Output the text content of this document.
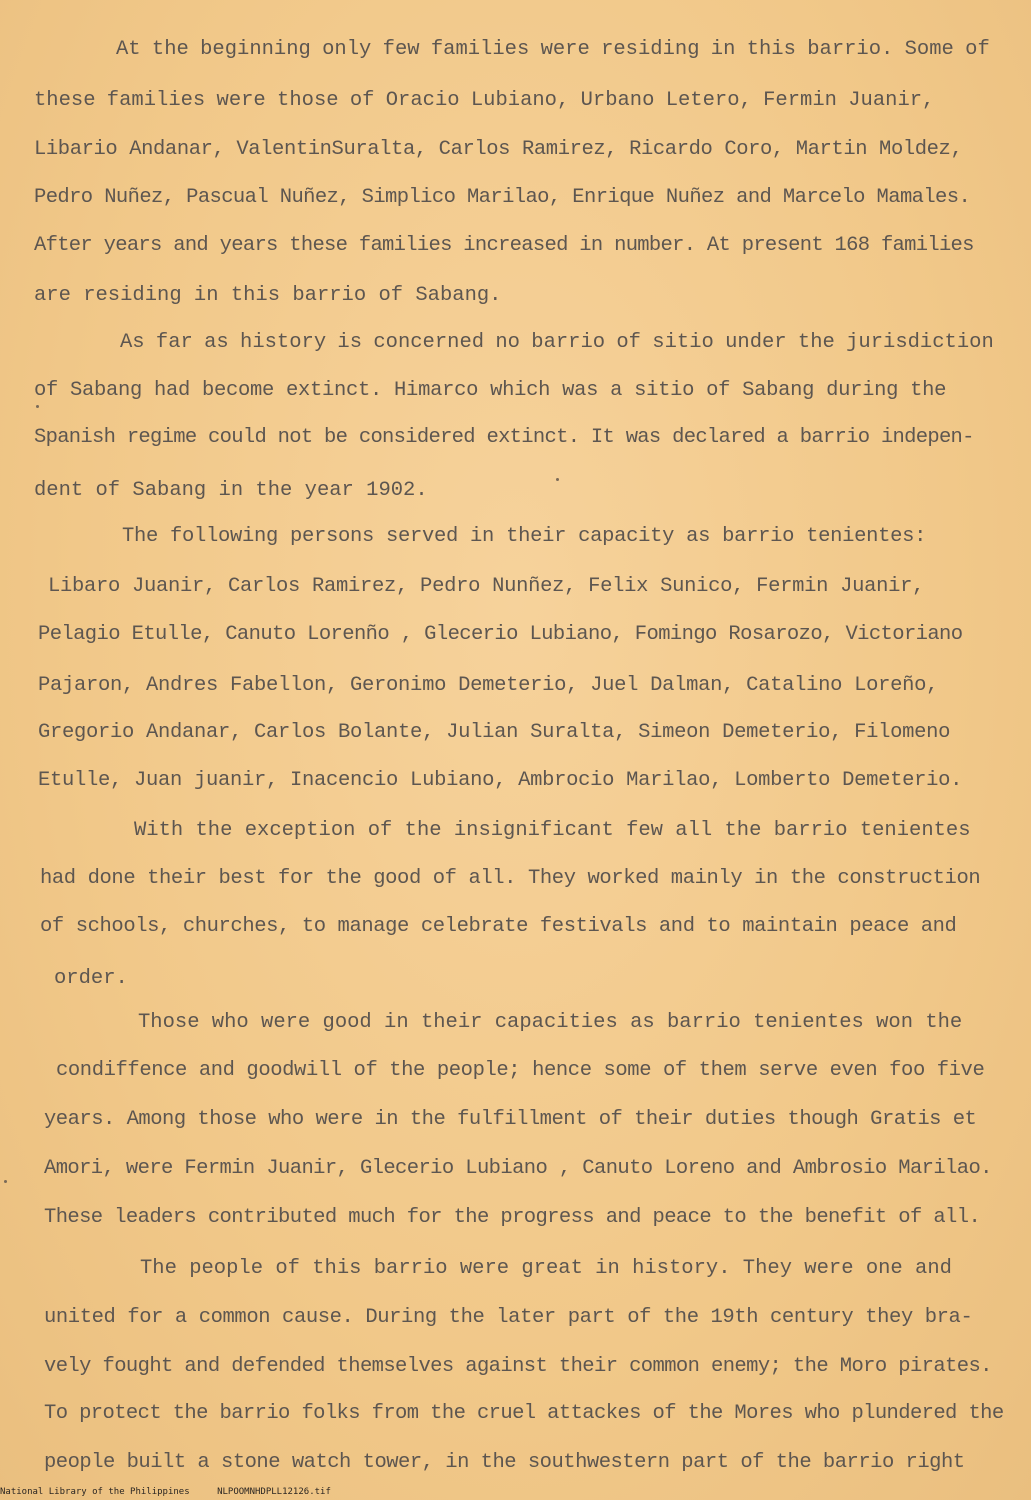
At the beginning only few families were residing in this barrio. Some of
these families were those of Oracio Lubiano, Urbano Letero, Fermin Juanir,
Libario Andanar, ValentinSuralta, Carlos Ramirez, Ricardo Coro, Martin Moldez,
Pedro Nuñez, Pascual Nuñez, Simplico Marilao, Enrique Nuñez and Marcelo Mamales.
After years and years these families increased in number. At present 168 families
are residing in this barrio of Sabang.
As far as history is concerned no barrio of sitio under the jurisdiction
of Sabang had become extinct. Himarco which was a sitio of Sabang during the
Spanish regime could not be considered extinct. It was declared a barrio indepen-
dent of Sabang in the year 1902.
The following persons served in their capacity as barrio tenientes:
Libaro Juanir, Carlos Ramirez, Pedro Nunñez, Felix Sunico, Fermin Juanir,
Pelagio Etulle, Canuto Lorenño , Glecerio Lubiano, Fomingo Rosarozo, Victoriano
Pajaron, Andres Fabellon, Geronimo Demeterio, Juel Dalman, Catalino Loreño,
Gregorio Andanar, Carlos Bolante, Julian Suralta, Simeon Demeterio, Filomeno
Etulle, Juan juanir, Inacencio Lubiano, Ambrocio Marilao, Lomberto Demeterio.
With the exception of the insignificant few all the barrio tenientes
had done their best for the good of all. They worked mainly in the construction
of schools, churches, to manage celebrate festivals and to maintain peace and
order.
Those who were good in their capacities as barrio tenientes won the
condiffence and goodwill of the people; hence some of them serve even foo five
years. Among those who were in the fulfillment of their duties though Gratis et
Amori, were Fermin Juanir, Glecerio Lubiano , Canuto Loreno and Ambrosio Marilao.
These leaders contributed much for the progress and peace to the benefit of all.
The people of this barrio were great in history. They were one and
united for a common cause. During the later part of the 19th century they bra-
vely fought and defended themselves against their common enemy; the Moro pirates.
To protect the barrio folks from the cruel attackes of the Mores who plundered the
people built a stone watch tower, in the southwestern part of the barrio right
National Library of the Philippines	NLPOOMNHDPLL12126.tif
